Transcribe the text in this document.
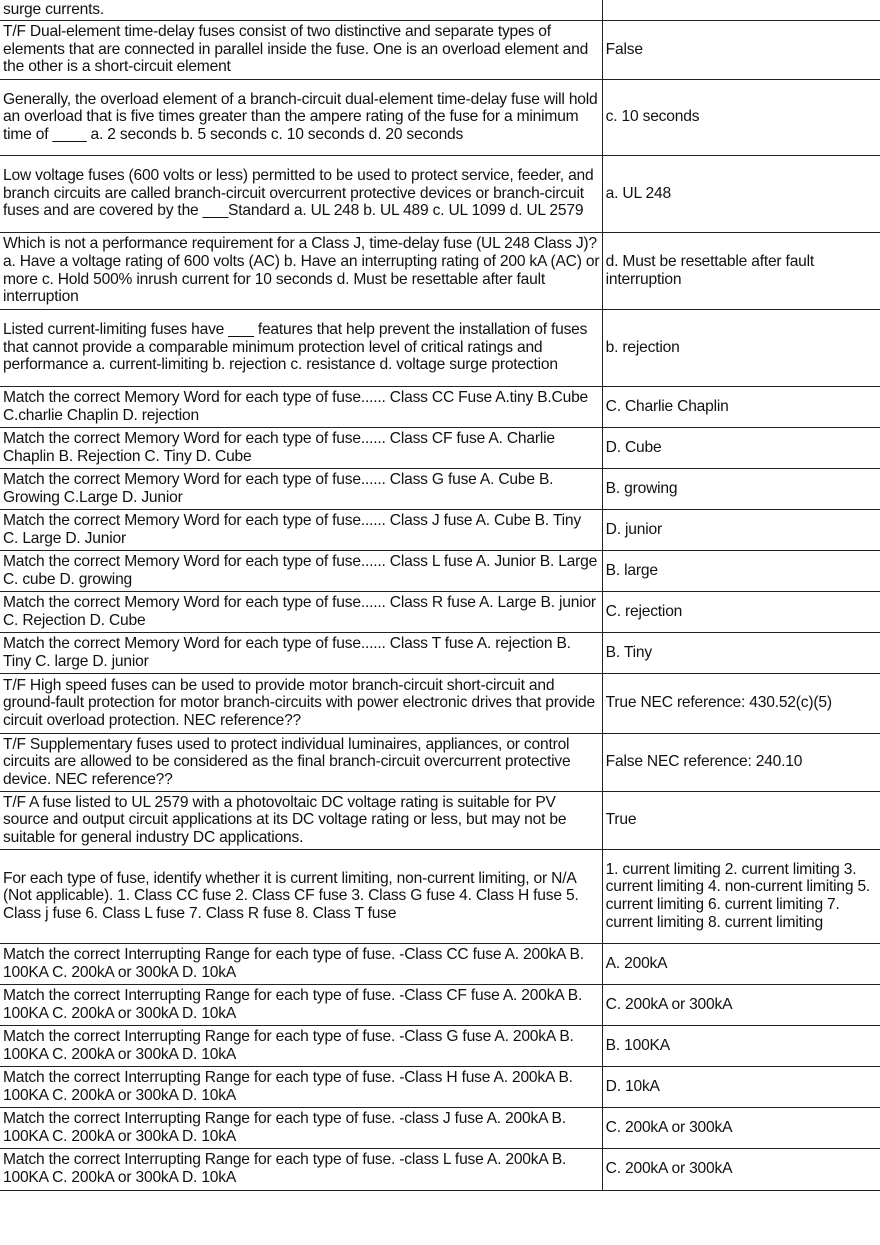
surge currents.	
T/F Dual-element time-delay fuses consist of two distinctive and separate types of elements that are connected in parallel inside the fuse. One is an overload element and the other is a short-circuit element	False
Generally, the overload element of a branch-circuit dual-element time-delay fuse will hold an overload that is five times greater than the ampere rating of the fuse for a minimum time of ____ a. 2 seconds b. 5 seconds c. 10 seconds d. 20 seconds	c. 10 seconds
Low voltage fuses (600 volts or less) permitted to be used to protect service, feeder, and branch circuits are called branch-circuit overcurrent protective devices or branch-circuit fuses and are covered by the ___Standard a. UL 248 b. UL 489 c. UL 1099 d. UL 2579	a. UL 248
Which is not a performance requirement for a Class J, time-delay fuse (UL 248 Class J)? a. Have a voltage rating of 600 volts (AC) b. Have an interrupting rating of 200 kA (AC) or more c. Hold 500% inrush current for 10 seconds d. Must be resettable after fault interruption	d. Must be resettable after fault interruption
Listed current-limiting fuses have ___ features that help prevent the installation of fuses that cannot provide a comparable minimum protection level of critical ratings and performance a. current-limiting b. rejection c. resistance d. voltage surge protection	b. rejection
Match the correct Memory Word for each type of fuse...... Class CC Fuse A.tiny B.Cube C.charlie Chaplin D. rejection	C. Charlie Chaplin
Match the correct Memory Word for each type of fuse...... Class CF fuse A. Charlie Chaplin B. Rejection C. Tiny D. Cube	D. Cube
Match the correct Memory Word for each type of fuse...... Class G fuse A. Cube B. Growing C.Large D. Junior	B. growing
Match the correct Memory Word for each type of fuse...... Class J fuse A. Cube B. Tiny C. Large D. Junior	D. junior
Match the correct Memory Word for each type of fuse...... Class L fuse A. Junior B. Large C. cube D. growing	B. large
Match the correct Memory Word for each type of fuse...... Class R fuse A. Large B. junior C. Rejection D. Cube	C. rejection
Match the correct Memory Word for each type of fuse...... Class T fuse A. rejection B. Tiny C. large D. junior	B. Tiny
T/F High speed fuses can be used to provide motor branch-circuit short-circuit and ground-fault protection for motor branch-circuits with power electronic drives that provide circuit overload protection. NEC reference??	True NEC reference: 430.52(c)(5)
T/F Supplementary fuses used to protect individual luminaires, appliances, or control circuits are allowed to be considered as the final branch-circuit overcurrent protective device. NEC reference??	False NEC reference: 240.10
T/F A fuse listed to UL 2579 with a photovoltaic DC voltage rating is suitable for PV source and output circuit applications at its DC voltage rating or less, but may not be suitable for general industry DC applications.	True
For each type of fuse, identify whether it is current limiting, non-current limiting, or N/A (Not applicable). 1. Class CC fuse 2. Class CF fuse 3. Class G fuse 4. Class H fuse 5. Class j fuse 6. Class L fuse 7. Class R fuse 8. Class T fuse	1. current limiting 2. current limiting 3. current limiting 4. non-current limiting 5. current limiting 6. current limiting 7. current limiting 8. current limiting
Match the correct Interrupting Range for each type of fuse. -Class CC fuse A. 200kA B. 100KA C. 200kA or 300kA D. 10kA	A. 200kA
Match the correct Interrupting Range for each type of fuse. -Class CF fuse A. 200kA B. 100KA C. 200kA or 300kA D. 10kA	C. 200kA or 300kA
Match the correct Interrupting Range for each type of fuse. -Class G fuse A. 200kA B. 100KA C. 200kA or 300kA D. 10kA	B. 100KA
Match the correct Interrupting Range for each type of fuse. -Class H fuse A. 200kA B. 100KA C. 200kA or 300kA D. 10kA	D. 10kA
Match the correct Interrupting Range for each type of fuse. -class J fuse A. 200kA B. 100KA C. 200kA or 300kA D. 10kA	C. 200kA or 300kA
Match the correct Interrupting Range for each type of fuse. -class L fuse A. 200kA B. 100KA C. 200kA or 300kA D. 10kA	C. 200kA or 300kA
